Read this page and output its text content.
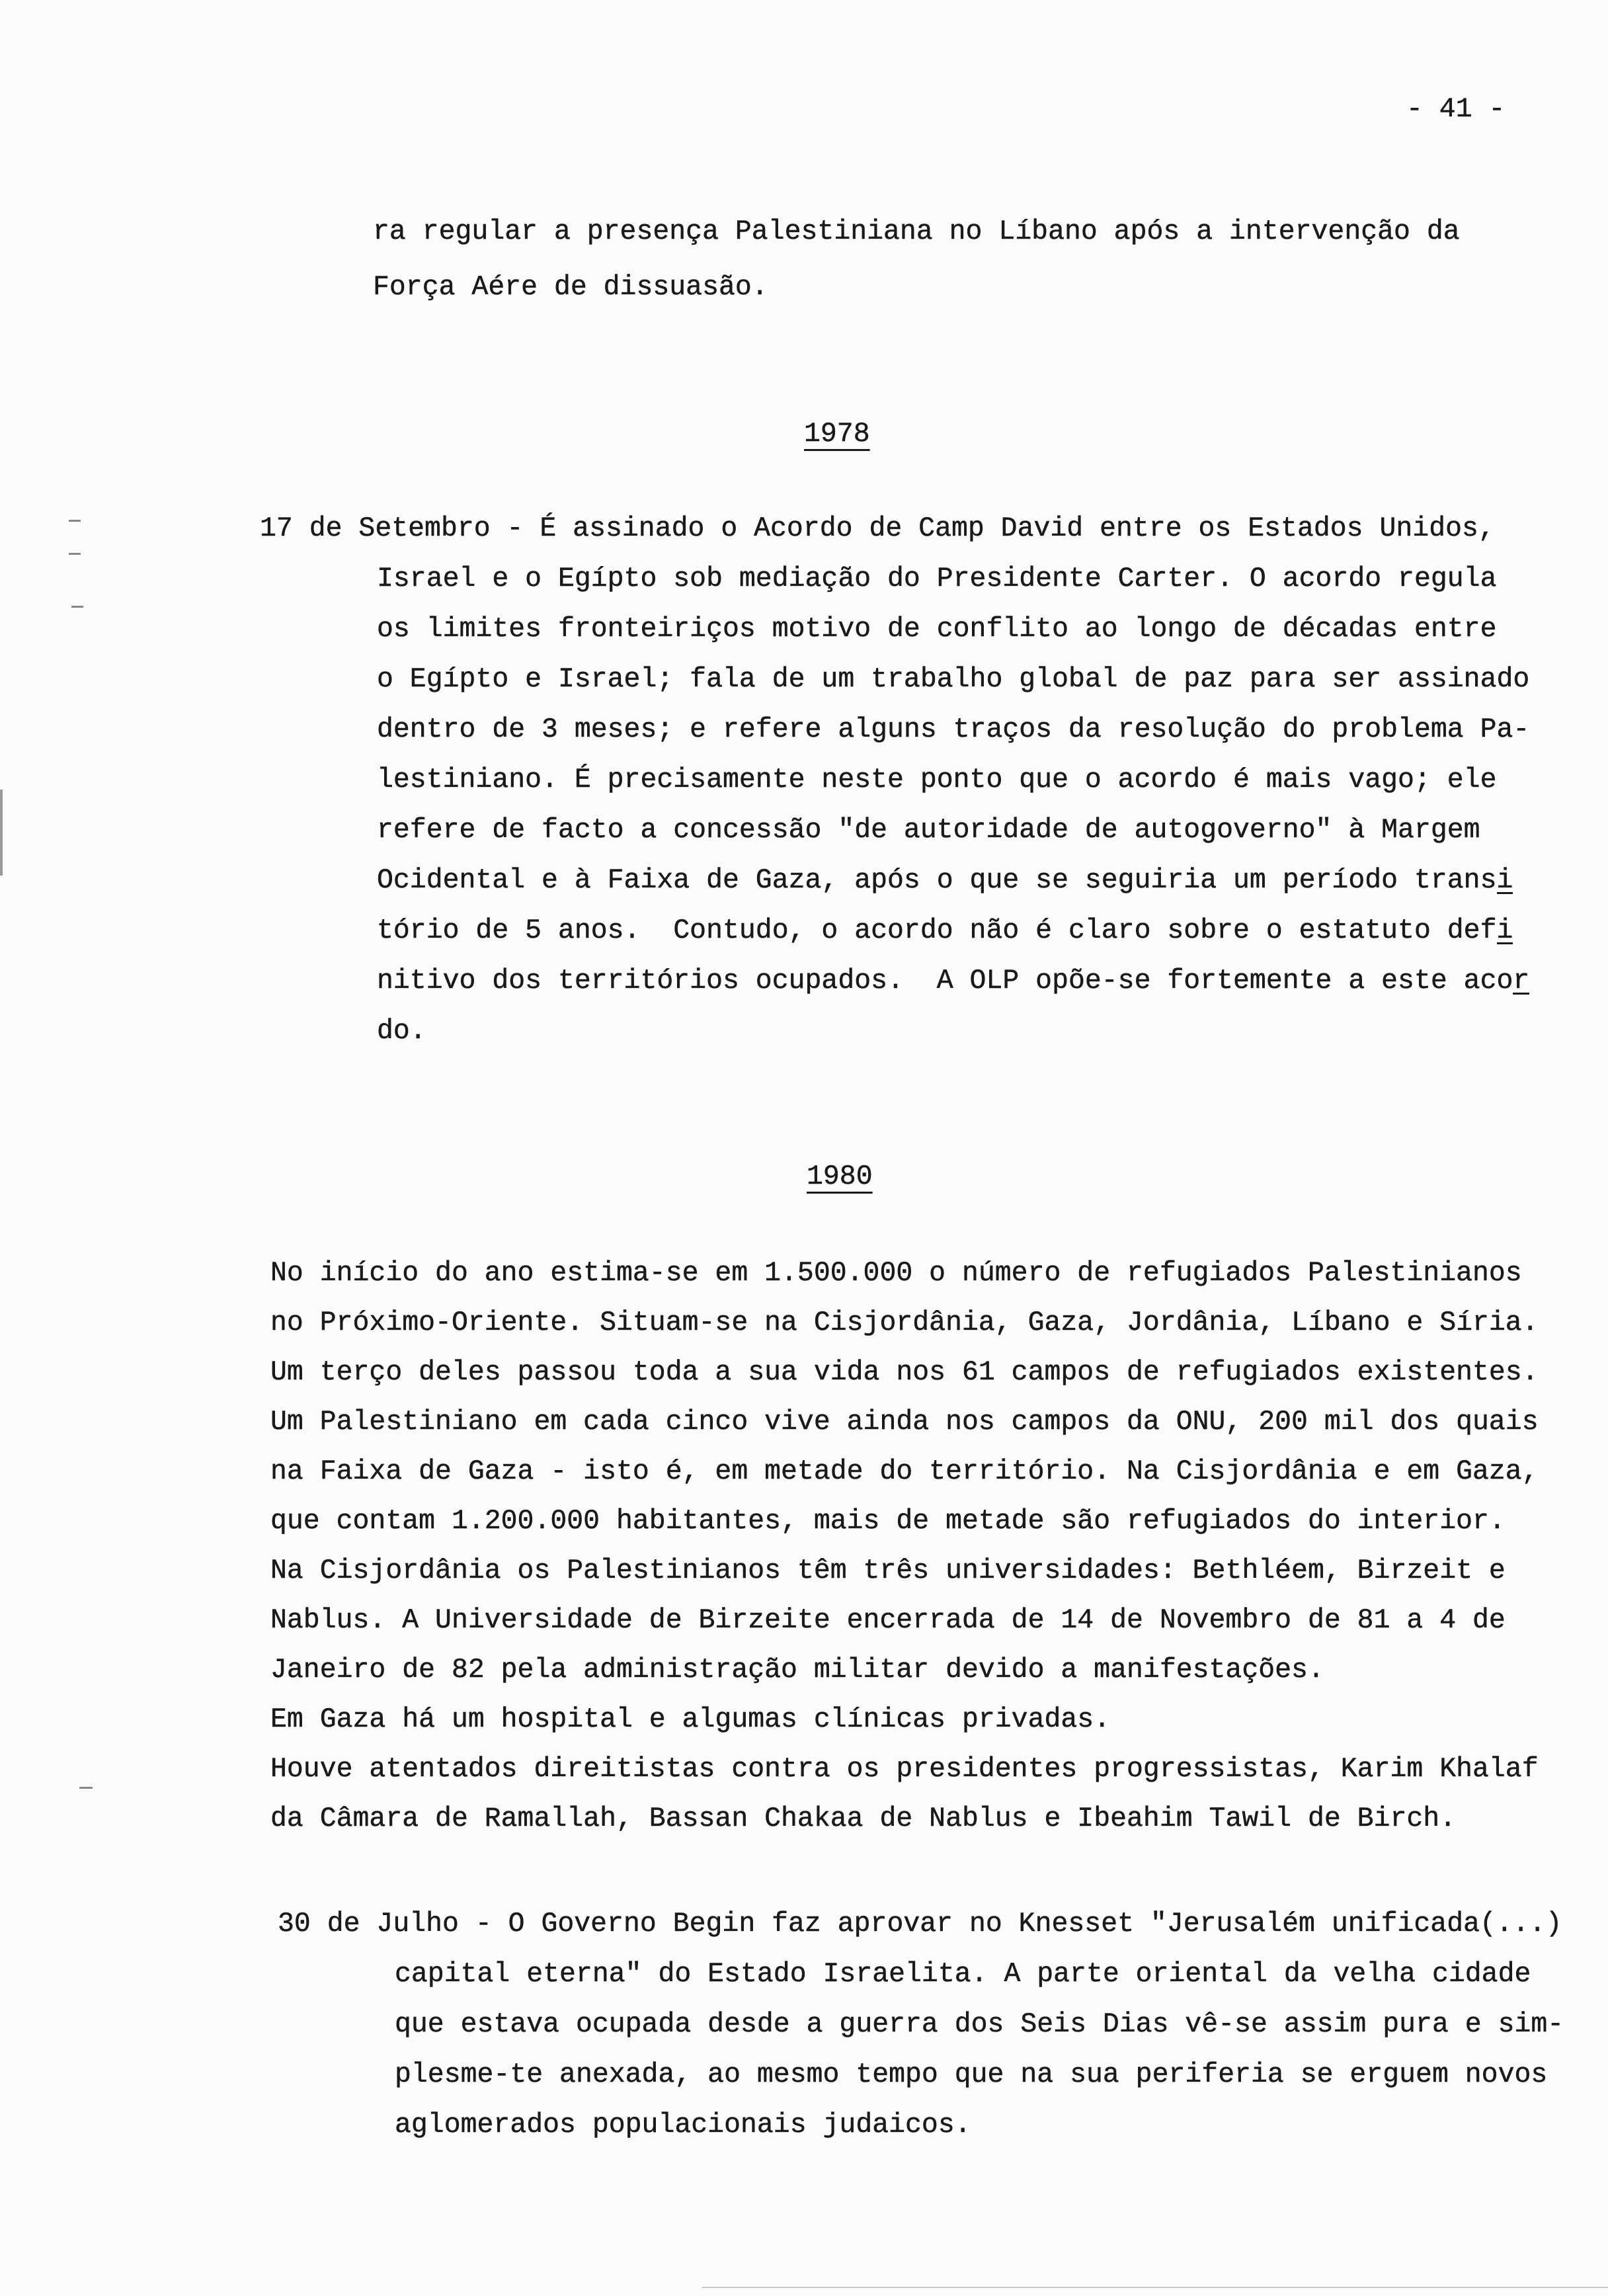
- 41 -
ra regular a presença Palestiniana no Líbano após a intervenção da
Força Aére de dissuasão.
1978
17 de Setembro - É assinado o Acordo de Camp David entre os Estados Unidos,
Israel e o Egípto sob mediação do Presidente Carter. O acordo regula
os limites fronteiriços motivo de conflito ao longo de décadas entre
o Egípto e Israel; fala de um trabalho global de paz para ser assinado
dentro de 3 meses; e refere alguns traços da resolução do problema Pa-
lestiniano. É precisamente neste ponto que o acordo é mais vago; ele
refere de facto a concessão "de autoridade de autogoverno" à Margem
Ocidental e à Faixa de Gaza, após o que se seguiria um período transi
tório de 5 anos.  Contudo, o acordo não é claro sobre o estatuto defi
nitivo dos territórios ocupados.  A OLP opõe-se fortemente a este acor
do.
1980
No início do ano estima-se em 1.500.000 o número de refugiados Palestinianos
no Próximo-Oriente. Situam-se na Cisjordânia, Gaza, Jordânia, Líbano e Síria.
Um terço deles passou toda a sua vida nos 61 campos de refugiados existentes.
Um Palestiniano em cada cinco vive ainda nos campos da ONU, 200 mil dos quais
na Faixa de Gaza - isto é, em metade do território. Na Cisjordânia e em Gaza,
que contam 1.200.000 habitantes, mais de metade são refugiados do interior.
Na Cisjordânia os Palestinianos têm três universidades: Bethléem, Birzeit e
Nablus. A Universidade de Birzeite encerrada de 14 de Novembro de 81 a 4 de
Janeiro de 82 pela administração militar devido a manifestações.
Em Gaza há um hospital e algumas clínicas privadas.
Houve atentados direitistas contra os presidentes progressistas, Karim Khalaf
da Câmara de Ramallah, Bassan Chakaa de Nablus e Ibeahim Tawil de Birch.
30 de Julho - O Governo Begin faz aprovar no Knesset "Jerusalém unificada(...)
capital eterna" do Estado Israelita. A parte oriental da velha cidade
que estava ocupada desde a guerra dos Seis Dias vê-se assim pura e sim-
plesme-te anexada, ao mesmo tempo que na sua periferia se erguem novos
aglomerados populacionais judaicos.
